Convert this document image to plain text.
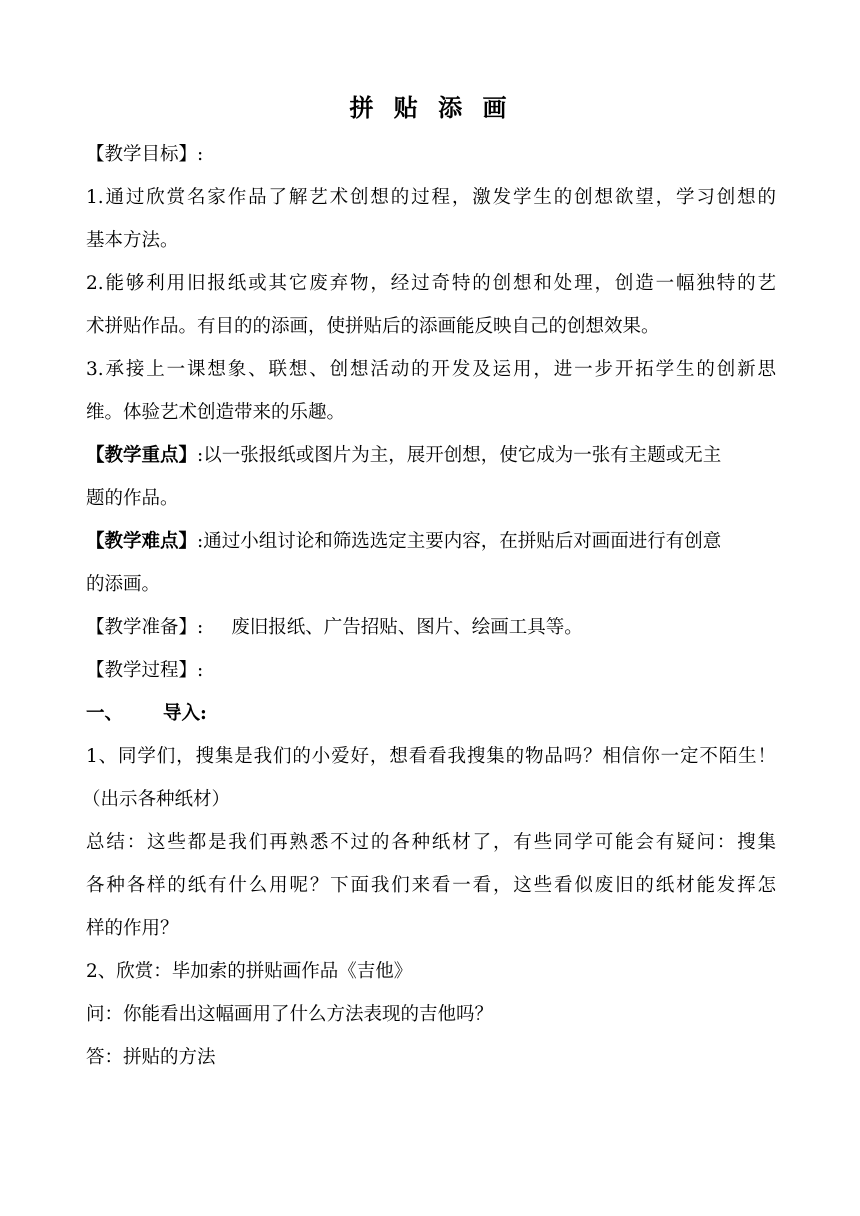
拼 贴 添 画

【教学目标】:

1.通过欣赏名家作品了解艺术创想的过程，激发学生的创想欲望，学习创想的

基本方法。

2.能够利用旧报纸或其它废弃物，经过奇特的创想和处理，创造一幅独特的艺

术拼贴作品。有目的的添画，使拼贴后的添画能反映自己的创想效果。

3.承接上一课想象、联想、创想活动的开发及运用，进一步开拓学生的创新思

维。体验艺术创造带来的乐趣。

【教学重点】:以一张报纸或图片为主，展开创想，使它成为一张有主题或无主

题的作品。

【教学难点】:通过小组讨论和筛选选定主要内容，在拼贴后对画面进行有创意

的添画。

【教学准备】: 废旧报纸、广告招贴、图片、绘画工具等。

【教学过程】:

一、 导入:

1、同学们，搜集是我们的小爱好，想看看我搜集的物品吗？相信你一定不陌生！

（出示各种纸材）

总结：这些都是我们再熟悉不过的各种纸材了，有些同学可能会有疑问：搜集

各种各样的纸有什么用呢？下面我们来看一看，这些看似废旧的纸材能发挥怎

样的作用？

2、欣赏：毕加索的拼贴画作品《吉他》

问：你能看出这幅画用了什么方法表现的吉他吗？

答：拼贴的方法
